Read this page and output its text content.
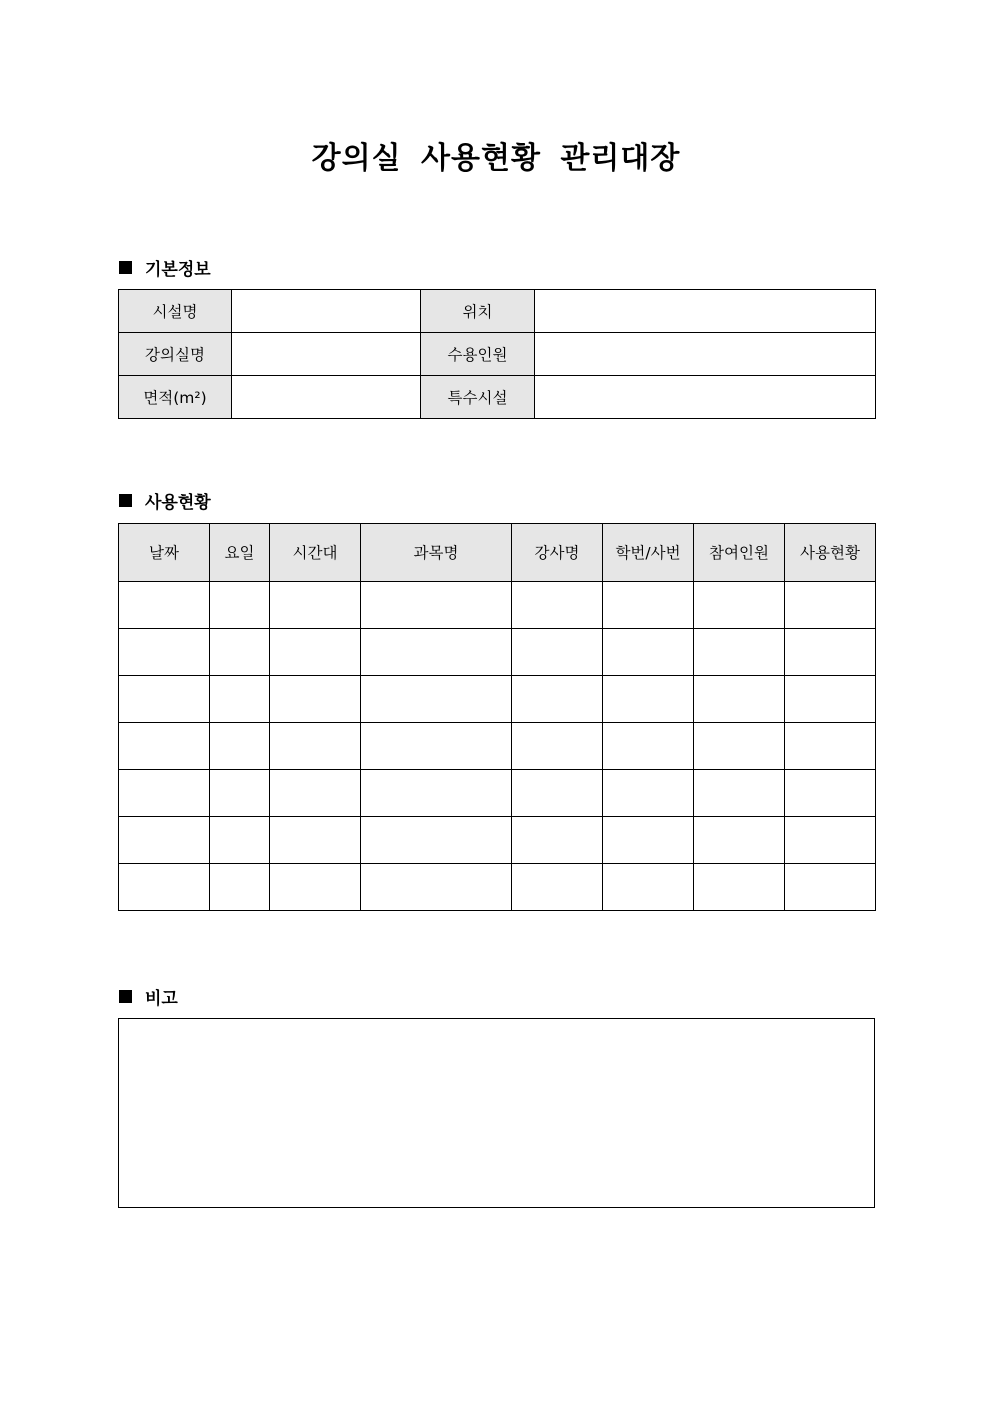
강의실 사용현황 관리대장
기본정보
시설명		위치	
강의실명		수용인원	
면적(m²)		특수시설	
사용현황
날짜	요일	시간대	과목명	강사명	학번/사번	참여인원	사용현황

비고
